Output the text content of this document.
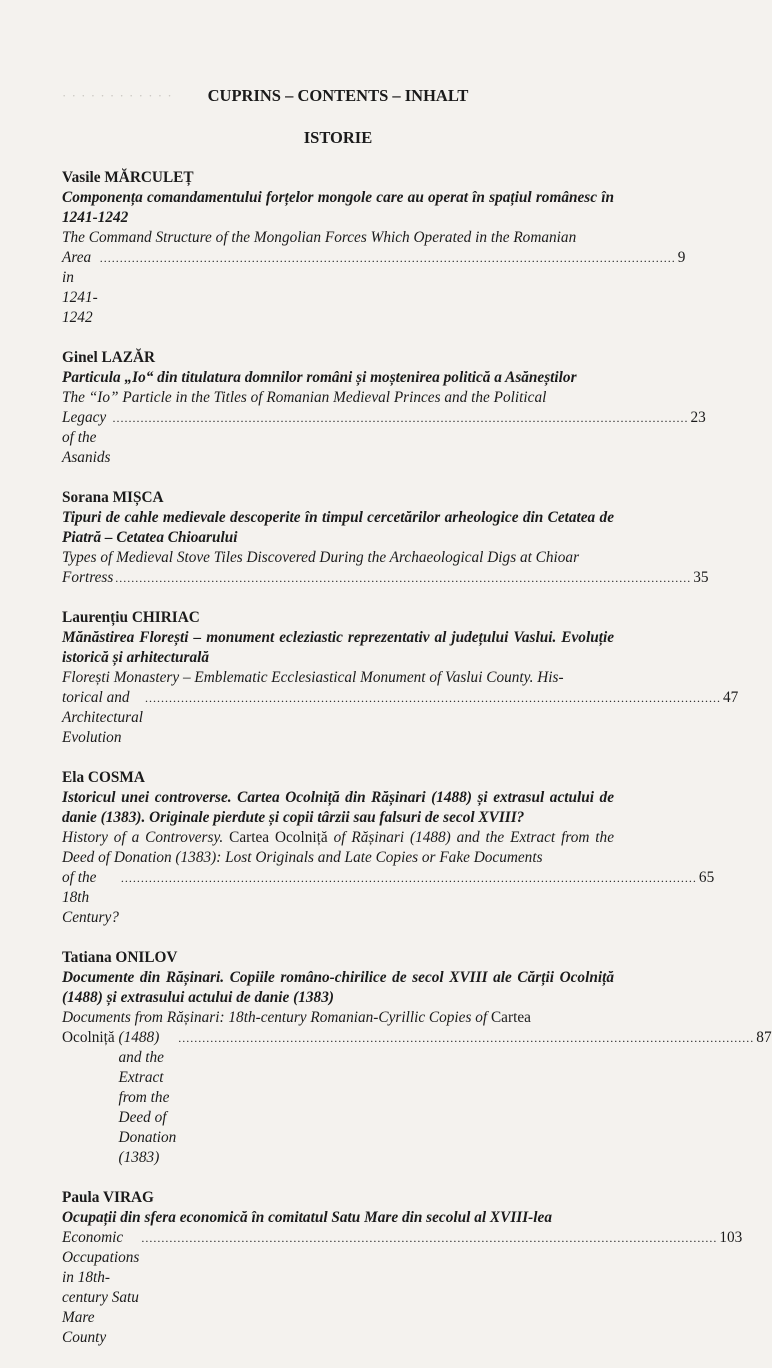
· · · · · · · · · · · ·	CUPRINS – CONTENTS – INHALT
ISTORIE
Vasile MĂRCULEȚ
Componența comandamentului forțelor mongole care au operat în spațiul românesc în 1241-1242
The Command Structure of the Mongolian Forces Which Operated in the Romanian
Area in 1241-1242
................................................................................................................................................ 9
Ginel LAZĂR
Particula „Io“ din titulatura domnilor români și moștenirea politică a Asăneștilor
The “Io” Particle in the Titles of Romanian Medieval Princes and the Political
Legacy of the Asanids
................................................................................................................................................ 23
Sorana MIȘCA
Tipuri de cahle medievale descoperite în timpul cercetărilor arheologice din Cetatea de Piatră – Cetatea Chioarului
Types of Medieval Stove Tiles Discovered During the Archaeological Digs at Chioar
Fortress ................................................................................................................................................ 35
Laurențiu CHIRIAC
Mănăstirea Florești – monument ecleziastic reprezentativ al județului Vaslui. Evoluție istorică și arhitecturală
Florești Monastery – Emblematic Ecclesiastical Monument of Vaslui County. His-
torical and Architectural Evolution
................................................................................................................................................ 47
Ela COSMA
Istoricul unei controverse. Cartea Ocolniță din Rășinari (1488) și extrasul actului de danie (1383). Originale pierdute și copii târzii sau falsuri de secol XVIII?
History of a Controversy. Cartea Ocolniță of Rășinari (1488) and the Extract from the Deed of Donation (1383): Lost Originals and Late Copies or Fake Documents
of the 18th Century?
................................................................................................................................................ 65
Tatiana ONILOV
Documente din Rășinari. Copiile româno-chirilice de secol XVIII ale Cărții Ocolniță (1488) și extrasului actului de danie (1383)
Documents from Rășinari: 18th-century Romanian-Cyrillic Copies of Cartea
Ocolniță
(1488) and the Extract from the Deed of Donation (1383)
................................................................................................................................................ 87
Paula VIRAG
Ocupații din sfera economică în comitatul Satu Mare din secolul al XVIII-lea
Economic Occupations in 18th-century Satu Mare County
................................................................................................................................................ 103
